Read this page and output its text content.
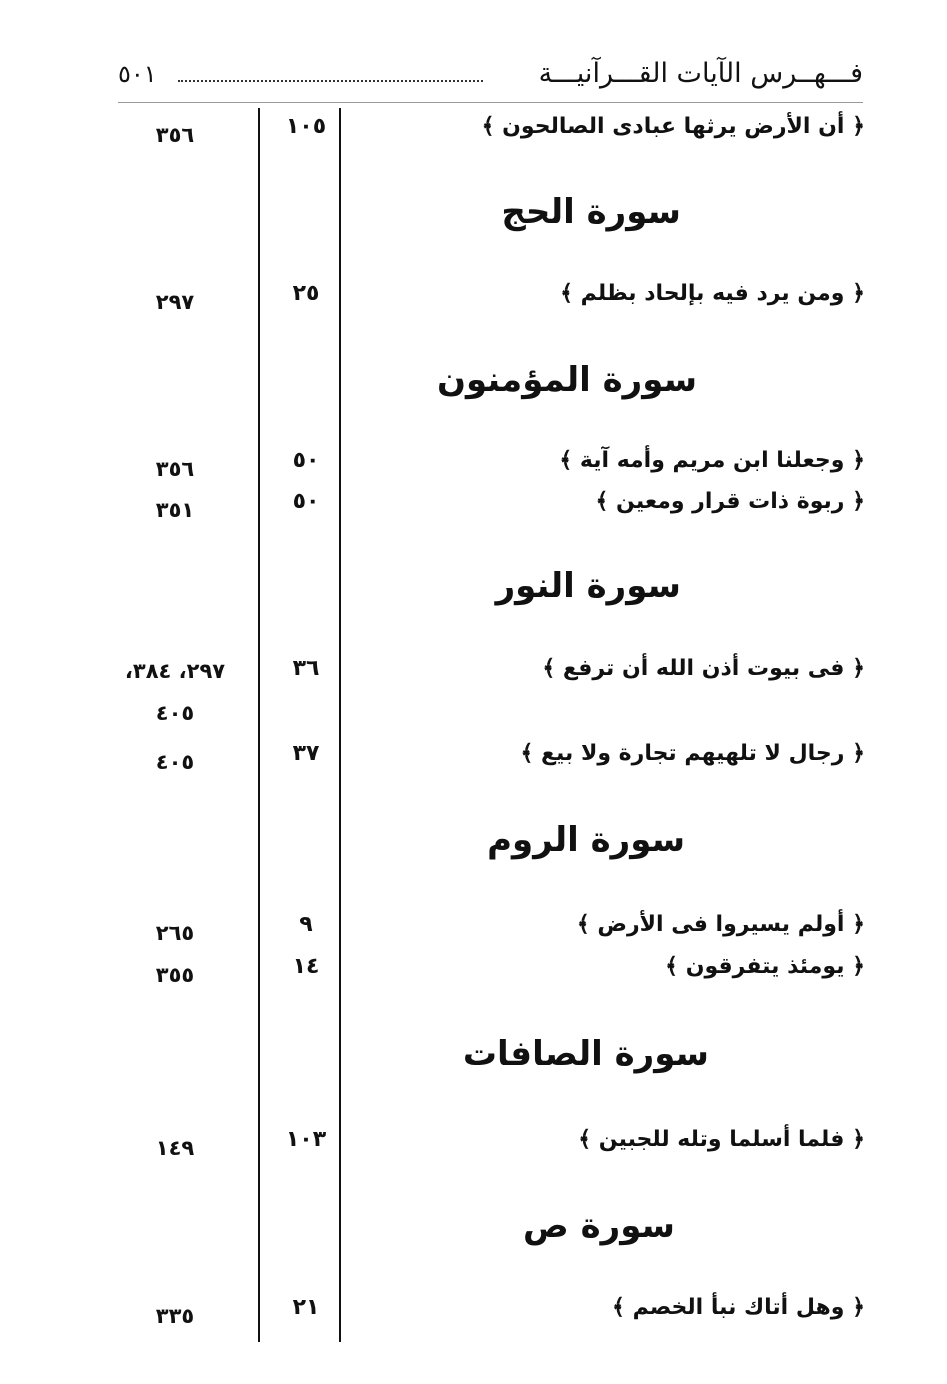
فـــهــرس الآيات القـــرآنيـــة
٥٠١
﴿ أن الأرض يرثها عبادى الصالحون ﴾
١٠٥
٣٥٦
سورة الحج
﴿ ومن يرد فيه بإلحاد بظلم ﴾
٢٥
٢٩٧
سورة المؤمنون
﴿ وجعلنا ابن مريم وأمه آية ﴾
٥٠
٣٥٦
﴿ ربوة ذات قرار ومعين ﴾
٥٠
٣٥١
سورة النور
﴿ فى بيوت أذن الله أن ترفع ﴾
٣٦
٢٩٧، ٣٨٤، ٤٠٥
﴿ رجال لا تلهيهم تجارة ولا بيع ﴾
٣٧
٤٠٥
سورة الروم
﴿ أولم يسيروا فى الأرض ﴾
٩
٢٦٥
﴿ يومئذ يتفرقون ﴾
١٤
٣٥٥
سورة الصافات
﴿ فلما أسلما وتله للجبين ﴾
١٠٣
١٤٩
سورة ص
﴿ وهل أتاك نبأ الخصم ﴾
٢١
٣٣٥
